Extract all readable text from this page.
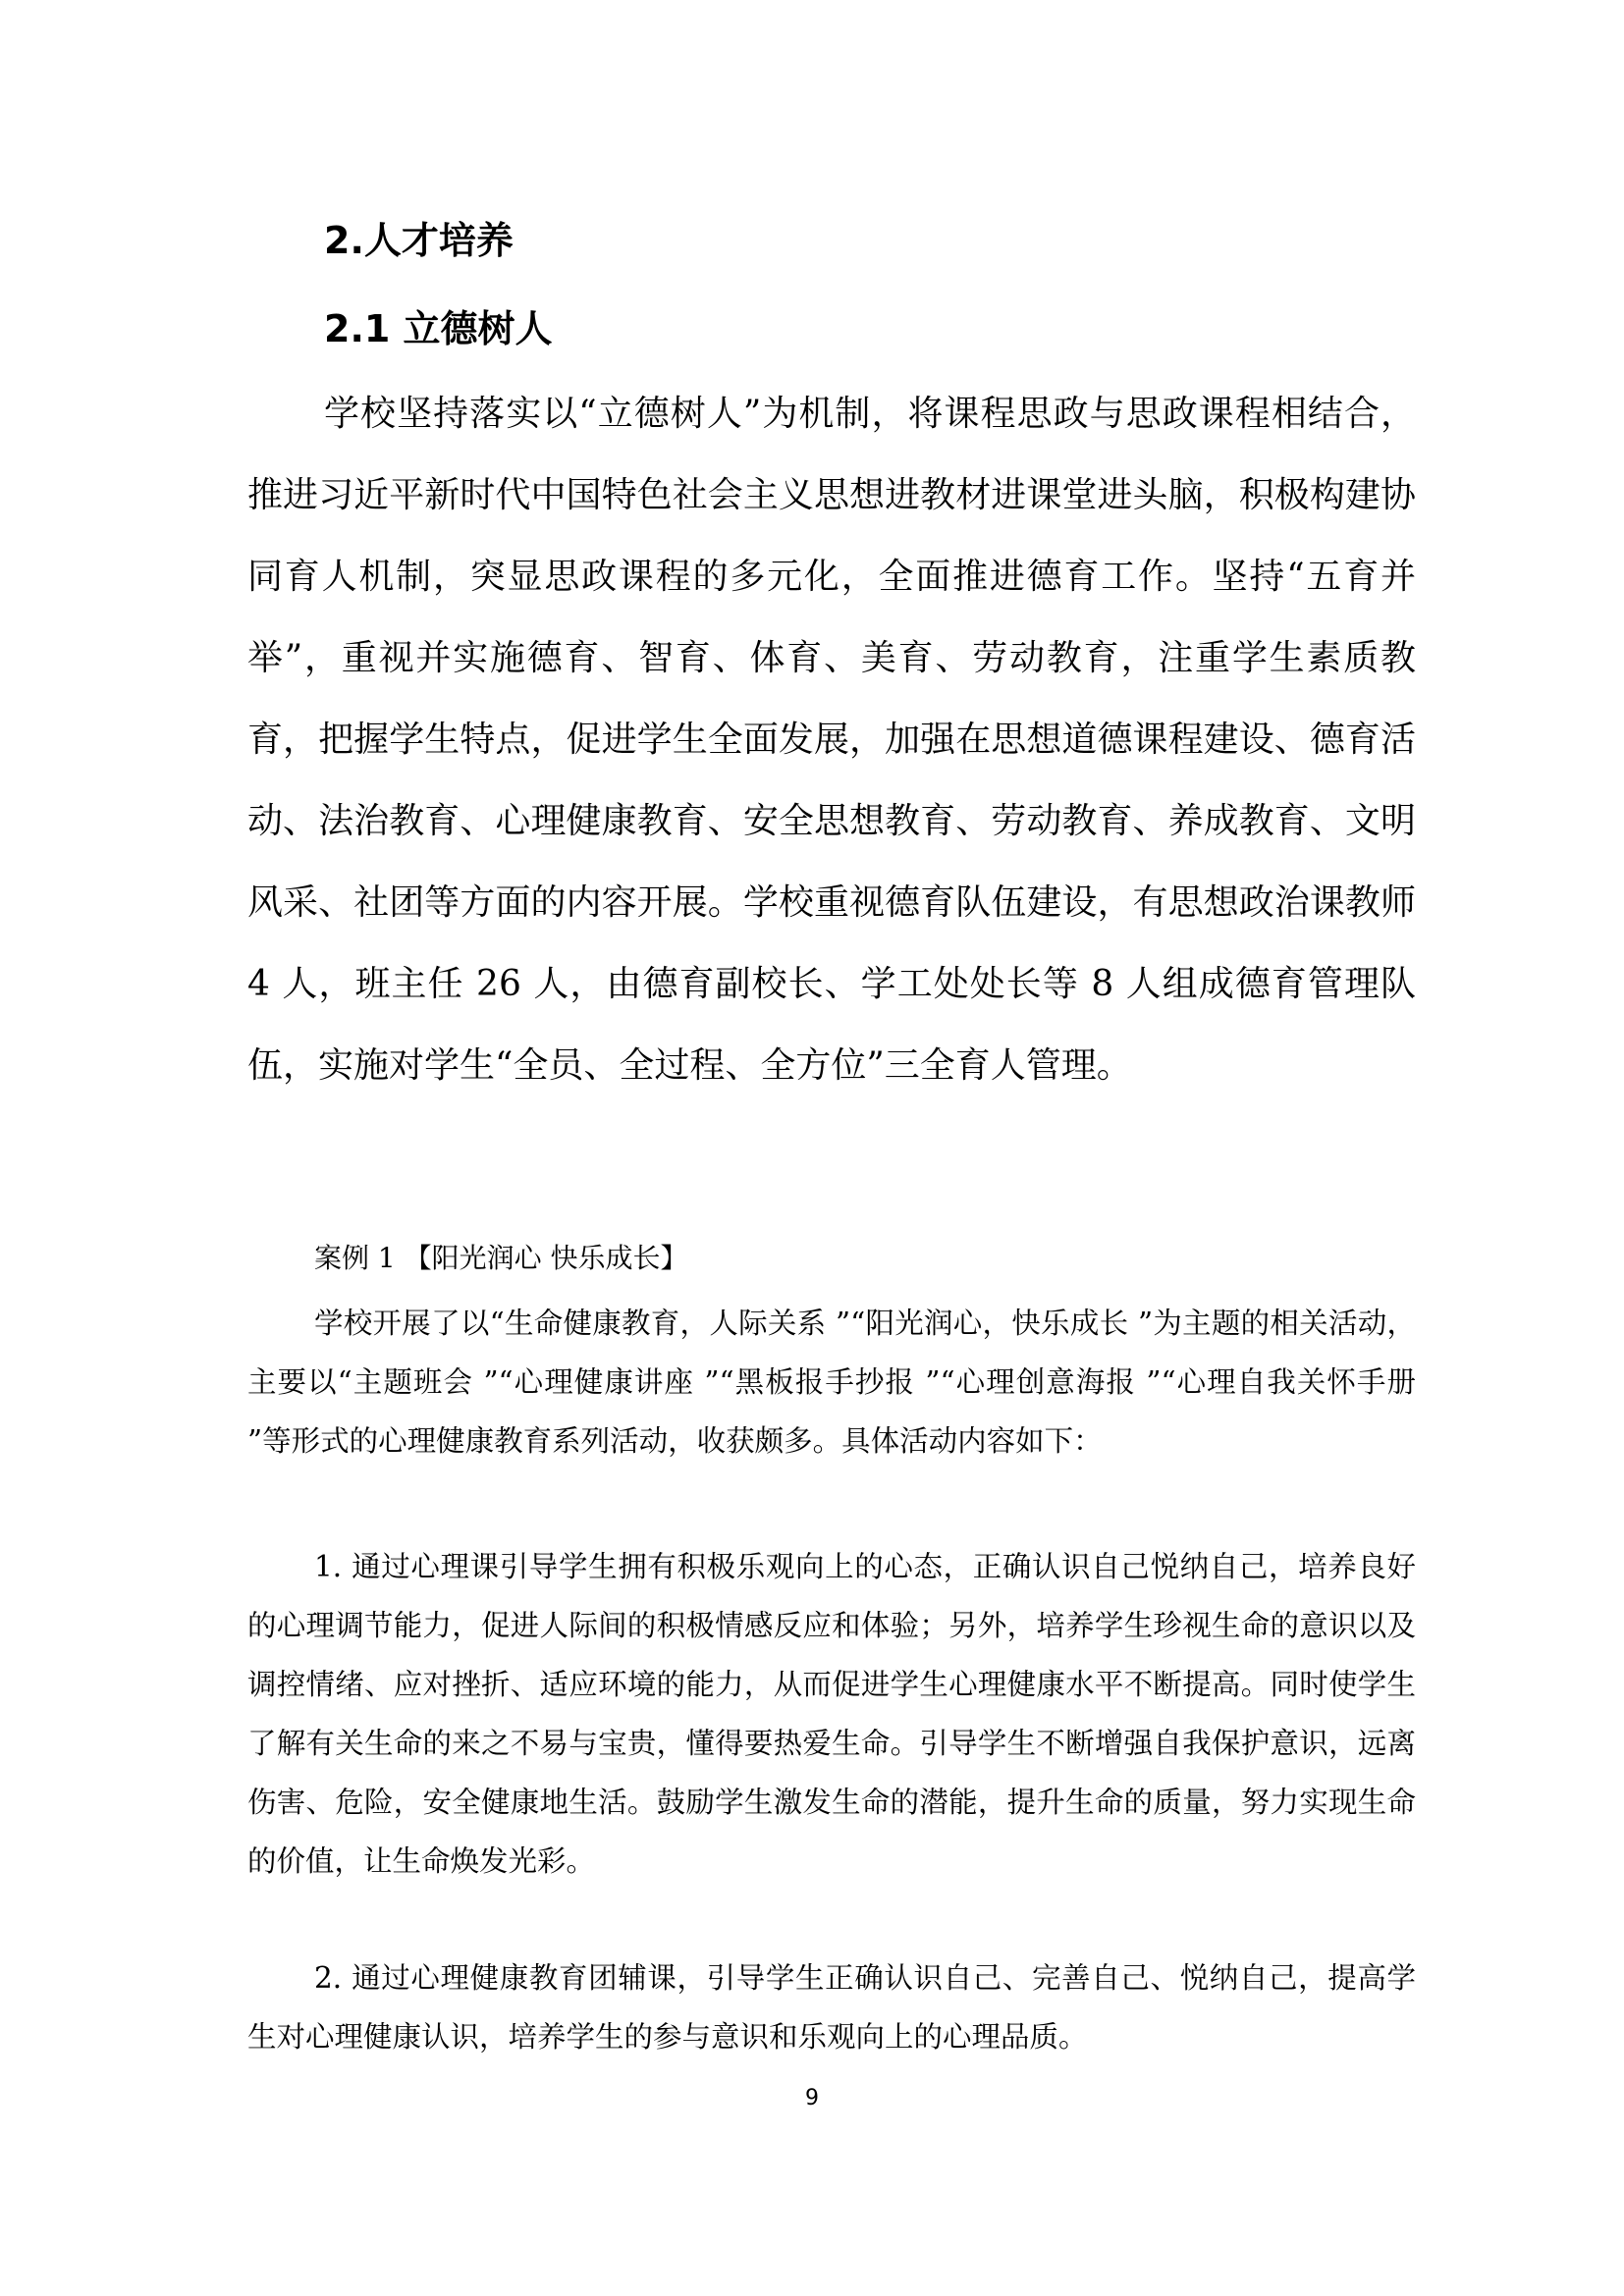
2.人才培养

2.1 立德树人

学校坚持落实以“立德树人”为机制，将课程思政与思政课程相结合，推进习近平新时代中国特色社会主义思想进教材进课堂进头脑，积极构建协同育人机制，突显思政课程的多元化，全面推进德育工作。坚持“五育并举”，重视并实施德育、智育、体育、美育、劳动教育，注重学生素质教育，把握学生特点，促进学生全面发展，加强在思想道德课程建设、德育活动、法治教育、心理健康教育、安全思想教育、劳动教育、养成教育、文明风采、社团等方面的内容开展。学校重视德育队伍建设，有思想政治课教师 4 人，班主任 26 人，由德育副校长、学工处处长等 8 人组成德育管理队伍，实施对学生“全员、全过程、全方位”三全育人管理。

案例 1 【阳光润心 快乐成长】

学校开展了以“生命健康教育，人际关系 ”“阳光润心，快乐成长 ”为主题的相关活动，主要以“主题班会 ”“心理健康讲座 ”“黑板报手抄报 ”“心理创意海报 ”“心理自我关怀手册 ”等形式的心理健康教育系列活动，收获颇多。具体活动内容如下：

1. 通过心理课引导学生拥有积极乐观向上的心态，正确认识自己悦纳自己，培养良好的心理调节能力，促进人际间的积极情感反应和体验；另外，培养学生珍视生命的意识以及调控情绪、应对挫折、适应环境的能力，从而促进学生心理健康水平不断提高。同时使学生了解有关生命的来之不易与宝贵，懂得要热爱生命。引导学生不断增强自我保护意识，远离伤害、危险，安全健康地生活。鼓励学生激发生命的潜能，提升生命的质量，努力实现生命的价值，让生命焕发光彩。

2. 通过心理健康教育团辅课，引导学生正确认识自己、完善自己、悦纳自己，提高学生对心理健康认识，培养学生的参与意识和乐观向上的心理品质。

9
